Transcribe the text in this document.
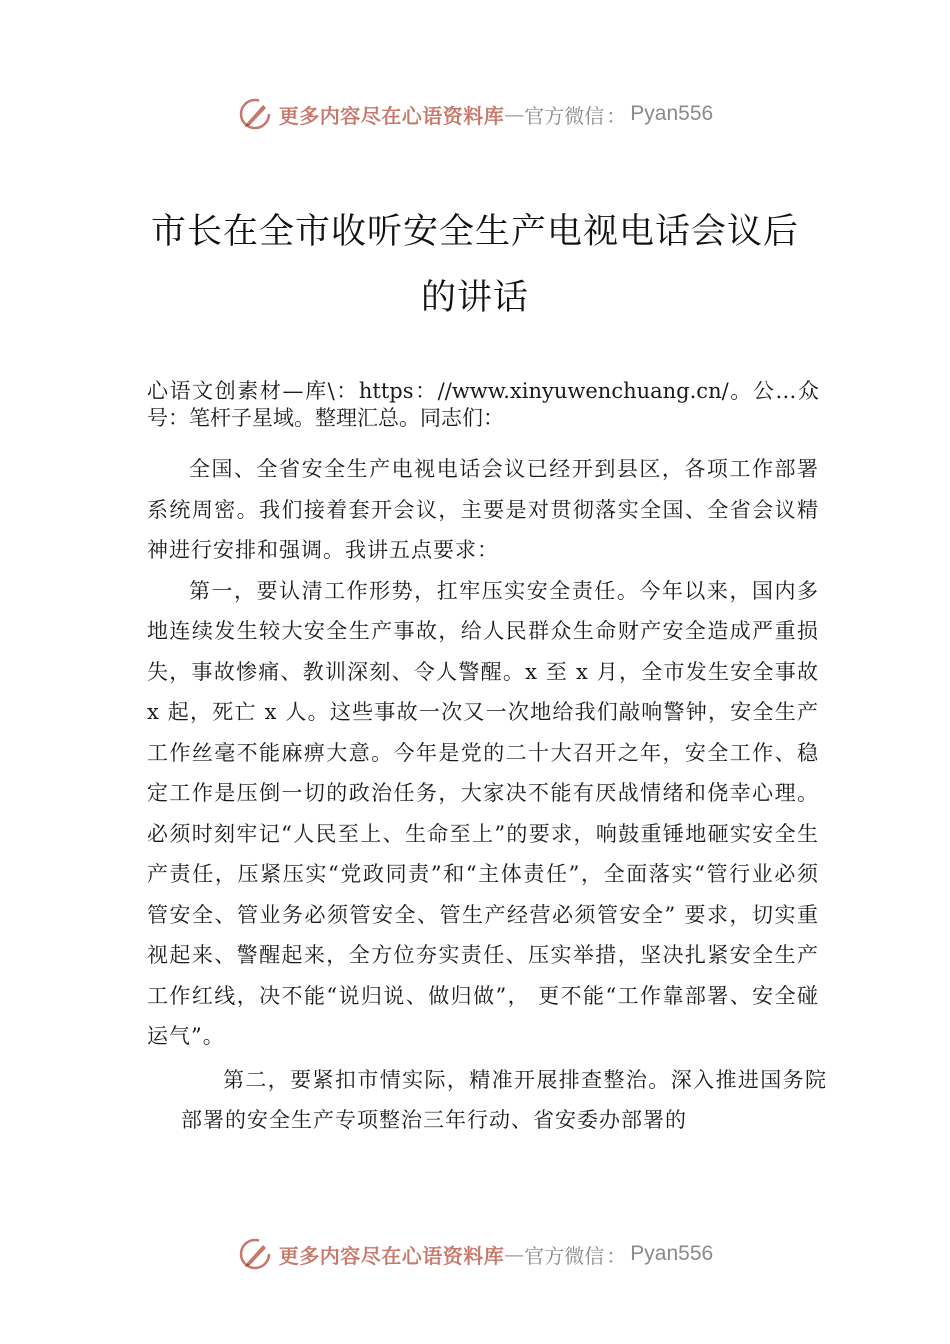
更多内容尽在心语资料库 — 官方微信 ： Pyan556
市长在全市收听安全生产电视电话会议后
的讲话

心语文创素材—库\：https：//www.xinyuwenchuang.cn/。公…众号：笔杆子星域。整理汇总。同志们：

全国、全省安全生产电视电话会议已经开到县区，各项工作部署系统周密。我们接着套开会议，主要是对贯彻落实全国、全省会议精神进行安排和强调。我讲五点要求：

第一，要认清工作形势，扛牢压实安全责任。今年以来，国内多地连续发生较大安全生产事故，给人民群众生命财产安全造成严重损失，事故惨痛、教训深刻、令人警醒。x 至 x 月，全市发生安全事故 x 起，死亡 x 人。这些事故一次又一次地给我们敲响警钟，安全生产工作丝毫不能麻痹大意。今年是党的二十大召开之年，安全工作、稳定工作是压倒一切的政治任务，大家决不能有厌战情绪和侥幸心理。必须时刻牢记“人民至上、生命至上”的要求，响鼓重锤地砸实安全生产责任，压紧压实“党政同责”和“主体责任”，全面落实“管行业必须管安全、管业务必须管安全、管生产经营必须管安全” 要求，切实重视起来、警醒起来，全方位夯实责任、压实举措，坚决扎紧安全生产工作红线，决不能“说归说、做归做”， 更不能“工作靠部署、安全碰运气”。

第二，要紧扣市情实际，精准开展排查整治。深入推进国务院部署的安全生产专项整治三年行动、省安委办部署的

更多内容尽在心语资料库 — 官方微信 ： Pyan556
